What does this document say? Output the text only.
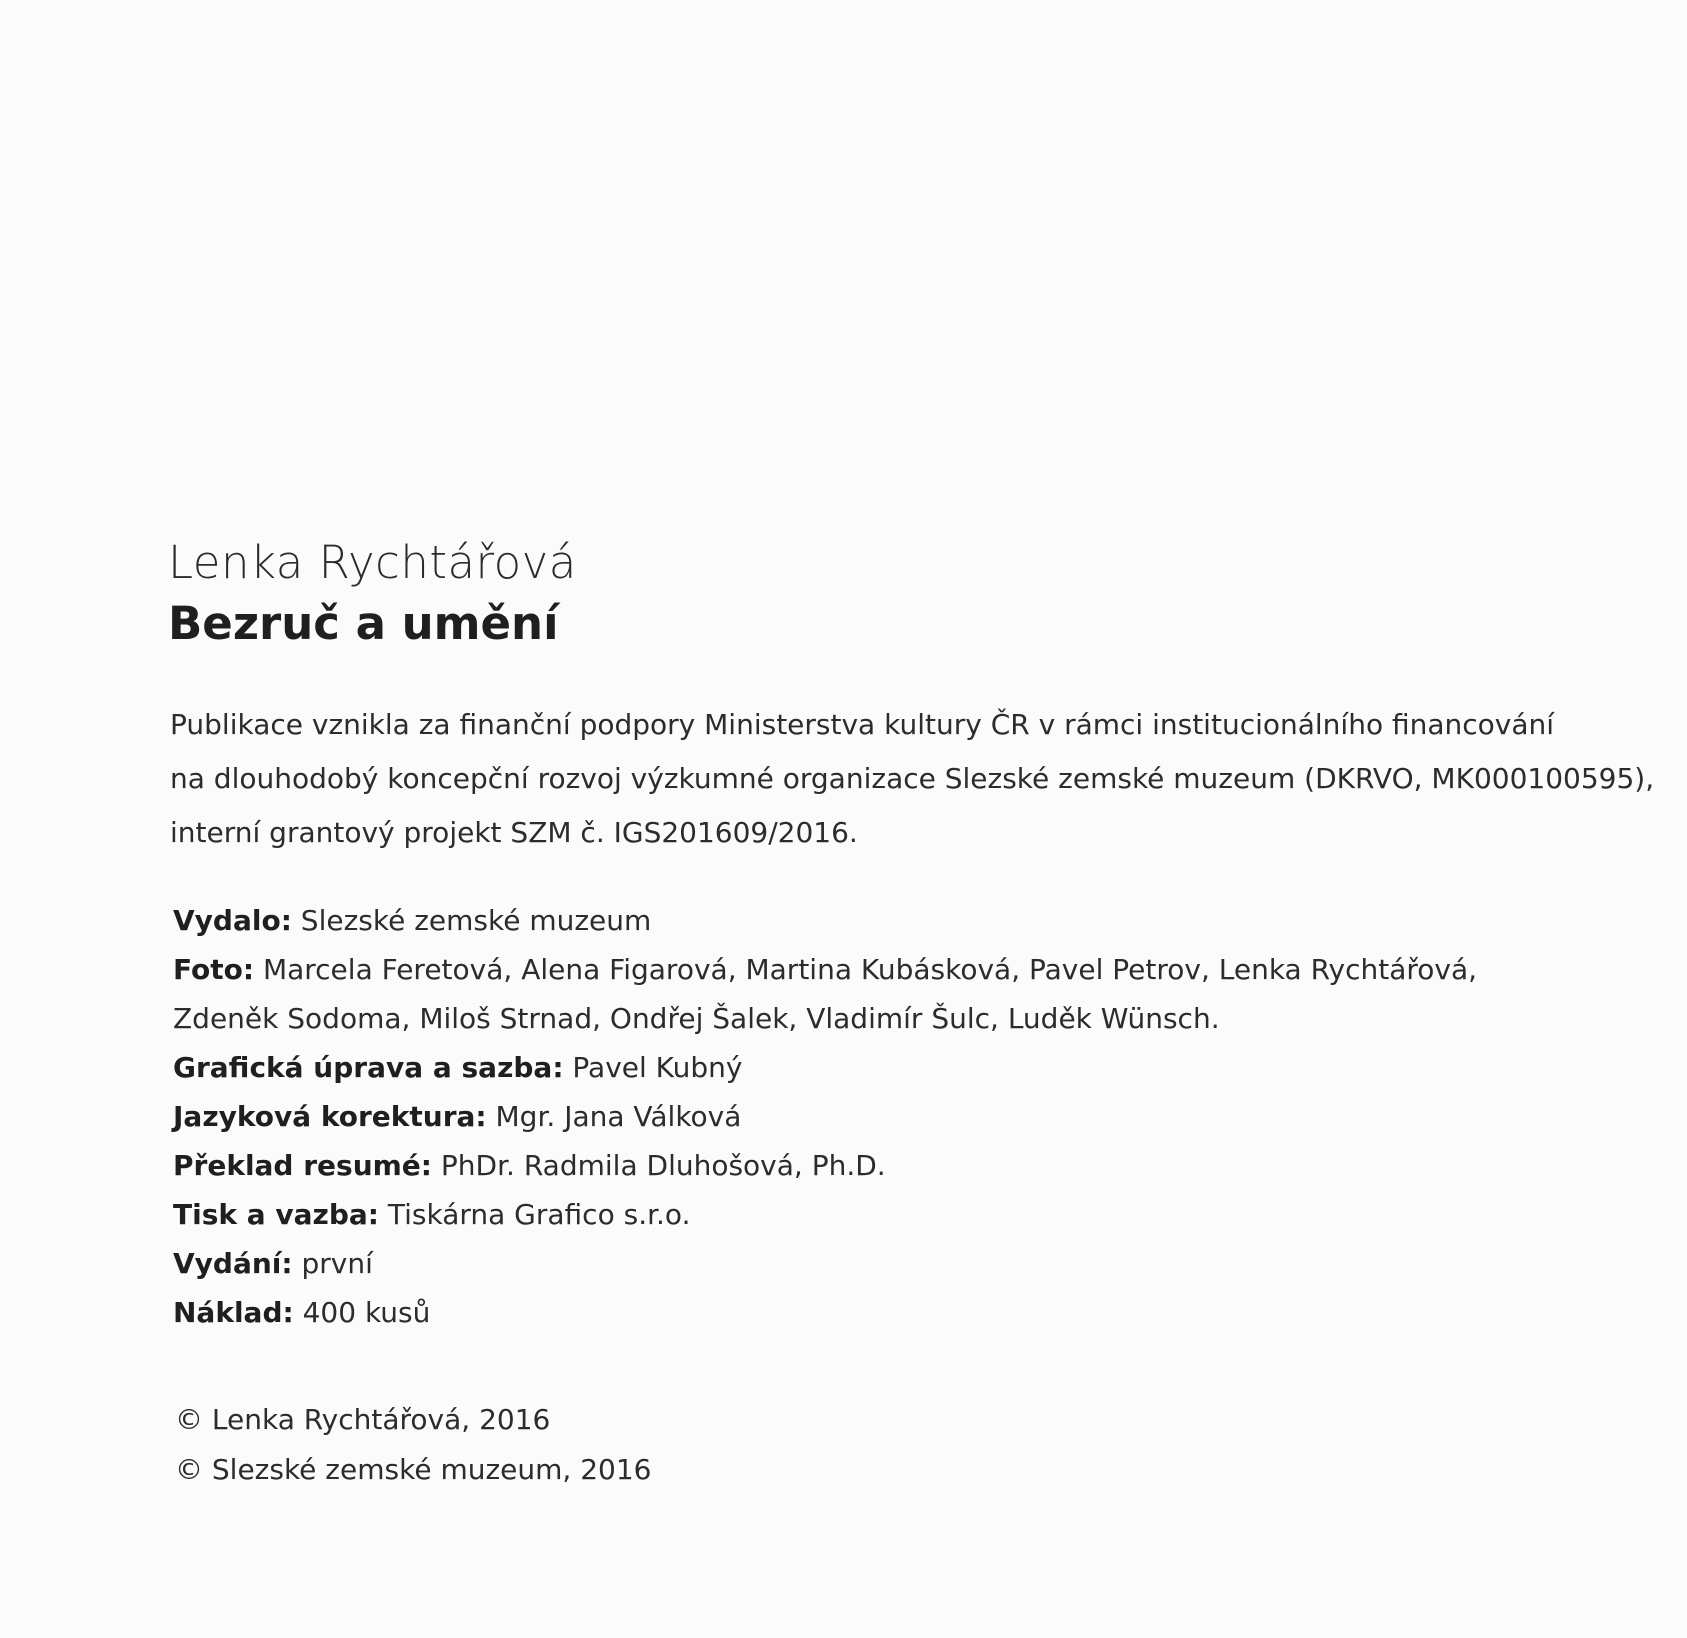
Lenka Rychtářová
Bezruč a umění
Publikace vznikla za finanční podpory Ministerstva kultury ČR v rámci institucionálního financování
na dlouhodobý koncepční rozvoj výzkumné organizace Slezské zemské muzeum (DKRVO, MK000100595),
interní grantový projekt SZM č. IGS201609/2016.
Vydalo: Slezské zemské muzeum
Foto: Marcela Feretová, Alena Figarová, Martina Kubásková, Pavel Petrov, Lenka Rychtářová,
Zdeněk Sodoma, Miloš Strnad, Ondřej Šalek, Vladimír Šulc, Luděk Wünsch.
Grafická úprava a sazba: Pavel Kubný
Jazyková korektura: Mgr. Jana Válková
Překlad resumé: PhDr. Radmila Dluhošová, Ph.D.
Tisk a vazba: Tiskárna Grafico s.r.o.
Vydání: první
Náklad: 400 kusů
© Lenka Rychtářová, 2016
© Slezské zemské muzeum, 2016
